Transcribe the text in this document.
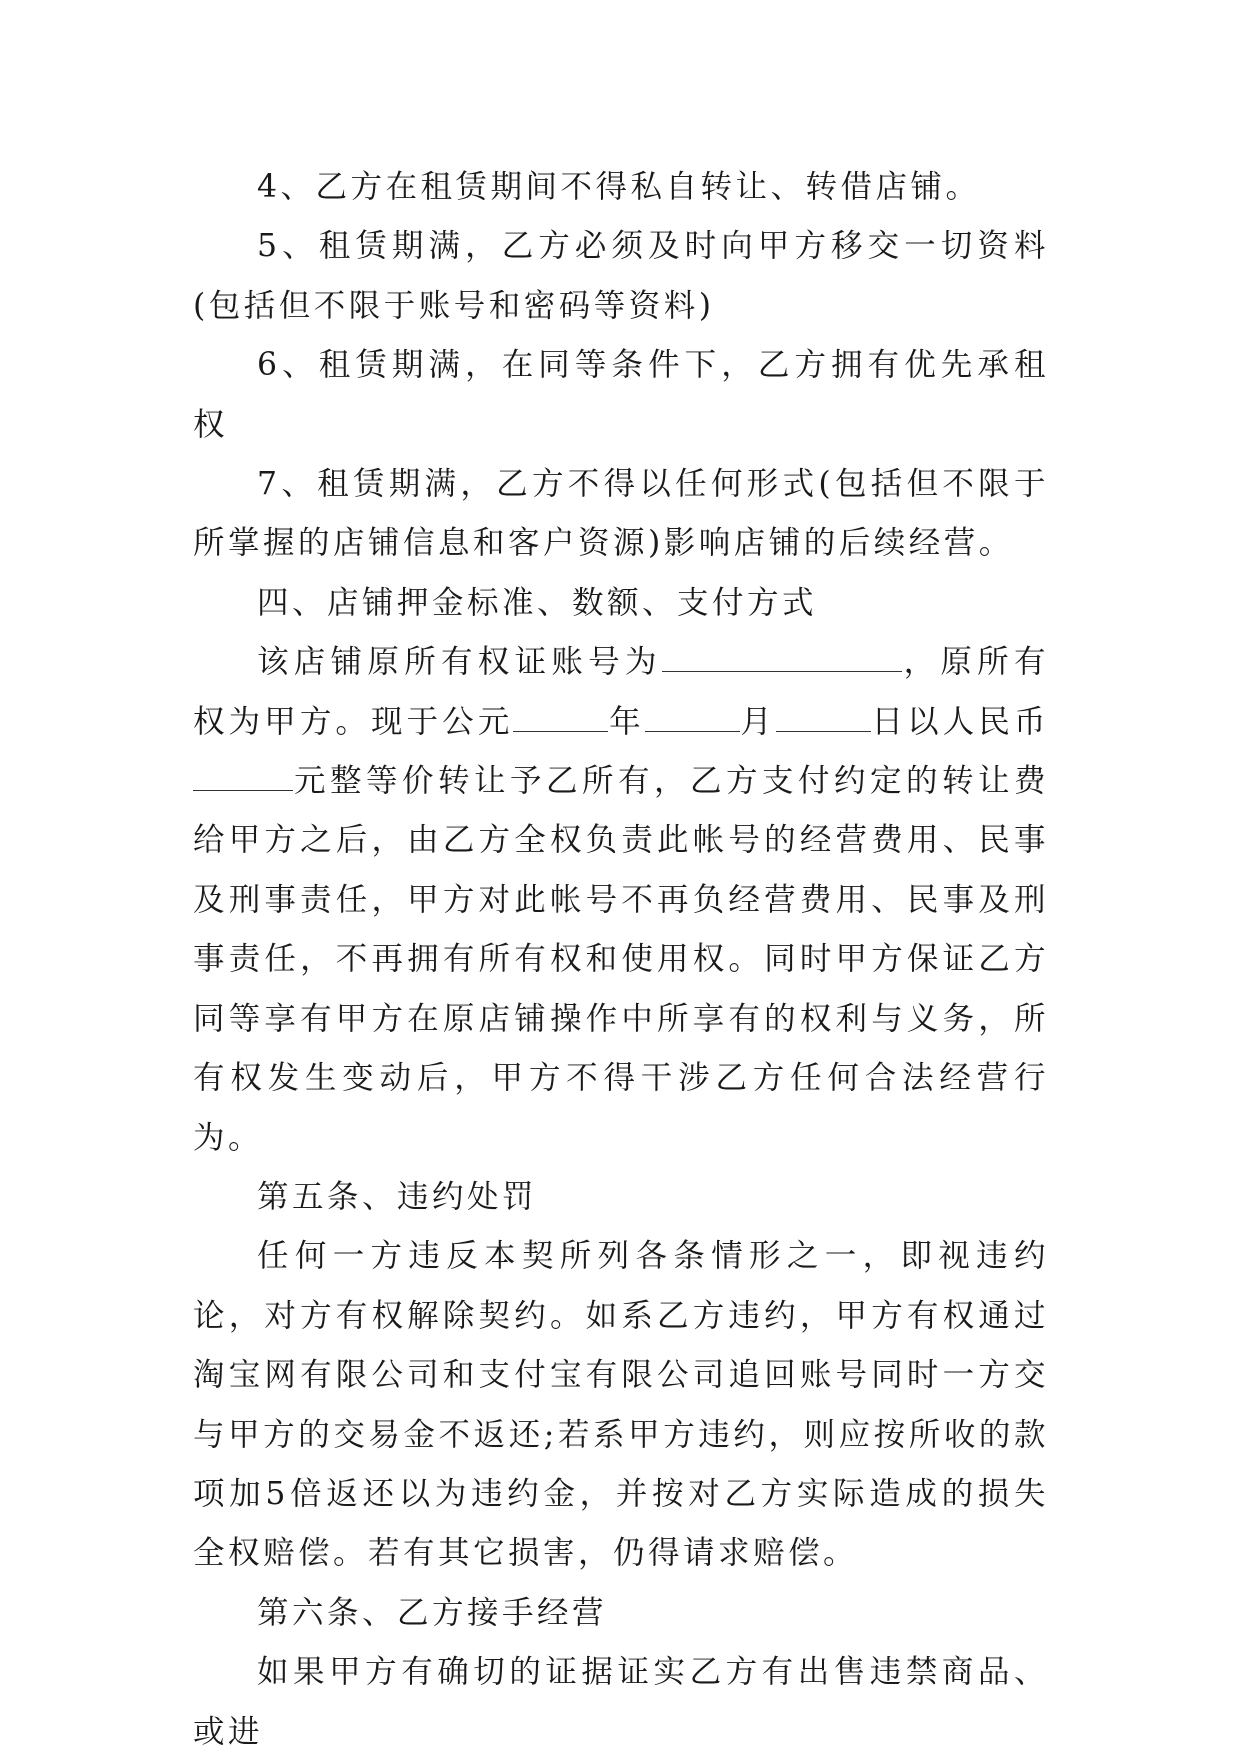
4、乙方在租赁期间不得私自转让、转借店铺。

5、租赁期满，乙方必须及时向甲方移交一切资料(包括但不限于账号和密码等资料)

6、租赁期满，在同等条件下，乙方拥有优先承租权

7、租赁期满，乙方不得以任何形式(包括但不限于所掌握的店铺信息和客户资源)影响店铺的后续经营。

四、店铺押金标准、数额、支付方式

该店铺原所有权证账号为	，原所有权为甲方。现于公元	年	月	日以人民币元整等价转让予乙所有，乙方支付约定的转让费给甲方之后，由乙方全权负责此帐号的经营费用、民事及刑事责任，甲方对此帐号不再负经营费用、民事及刑事责任，不再拥有所有权和使用权。同时甲方保证乙方同等享有甲方在原店铺操作中所享有的权利与义务，所有权发生变动后，甲方不得干涉乙方任何合法经营行为。

第五条、违约处罚

任何一方违反本契所列各条情形之一，即视违约论，对方有权解除契约。如系乙方违约，甲方有权通过淘宝网有限公司和支付宝有限公司追回账号同时一方交与甲方的交易金不返还;若系甲方违约，则应按所收的款项加5倍返还以为违约金，并按对乙方实际造成的损失全权赔偿。若有其它损害，仍得请求赔偿。

第六条、乙方接手经营

如果甲方有确切的证据证实乙方有出售违禁商品、或进
